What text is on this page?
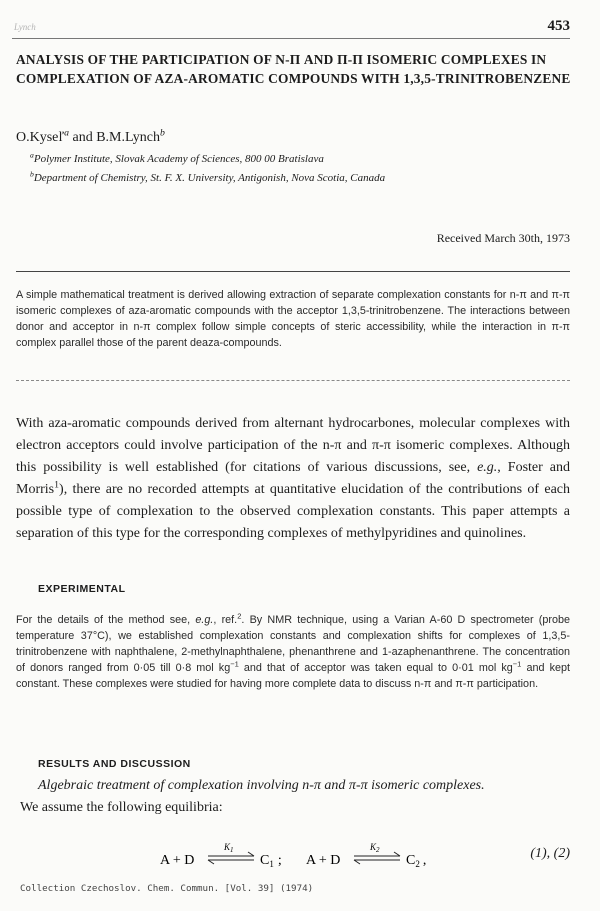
Lynch	453
ANALYSIS OF THE PARTICIPATION OF N-Π AND Π-Π ISOMERIC COMPLEXES IN COMPLEXATION OF AZA-AROMATIC COMPOUNDS WITH 1,3,5-TRINITROBENZENE
O.Kyseľ$^a$ and B.M.Lynch$^b$
$^a$Polymer Institute, Slovak Academy of Sciences, 800 00 Bratislava
$^b$Department of Chemistry, St. F. X. University, Antigonish, Nova Scotia, Canada
Received March 30th, 1973

A simple mathematical treatment is derived allowing extraction of separate complexation constants for n-π and π-π isomeric complexes of aza-aromatic compounds with the acceptor 1,3,5-trinitrobenzene. The interactions between donor and acceptor in n-π complex follow simple concepts of steric accessibility, while the interaction in π-π complex parallel those of the parent deaza-compounds.

With aza-aromatic compounds derived from alternant hydrocarbones, molecular complexes with electron acceptors could involve participation of the n-π and π-π isomeric complexes. Although this possibility is well established (for citations of various discussions, see, e.g., Foster and Morris$^1$), there are no recorded attempts at quantitative elucidation of the contributions of each possible type of complexation to the observed complexation constants. This paper attempts a separation of this type for the corresponding complexes of methylpyridines and quinolines.

EXPERIMENTAL

For the details of the method see, e.g., ref.$^2$. By NMR technique, using a Varian A-60 D spectrometer (probe temperature 37°C), we established complexation constants and complexation shifts for complexes of 1,3,5-trinitrobenzene with naphthalene, 2-methylnaphthalene, phenanthrene and 1-azaphenanthrene. The concentration of donors ranged from 0·05 till 0·8 mol $kg^{-1}$ and that of acceptor was taken equal to 0·01 mol $kg^{-1}$ and kept constant. These complexes were studied for having more complete data to discuss n-π and π-π participation.

RESULTS AND DISCUSSION
Algebraic treatment of complexation involving n-π and π-π isomeric complexes.
We assume the following equilibria:
A + D
$K_1$
$C_1$ ; A + D
$K_2$
$C_2$ ,	(1), (2)
Collection Czechoslov. Chem. Commun. [Vol. 39] (1974)
